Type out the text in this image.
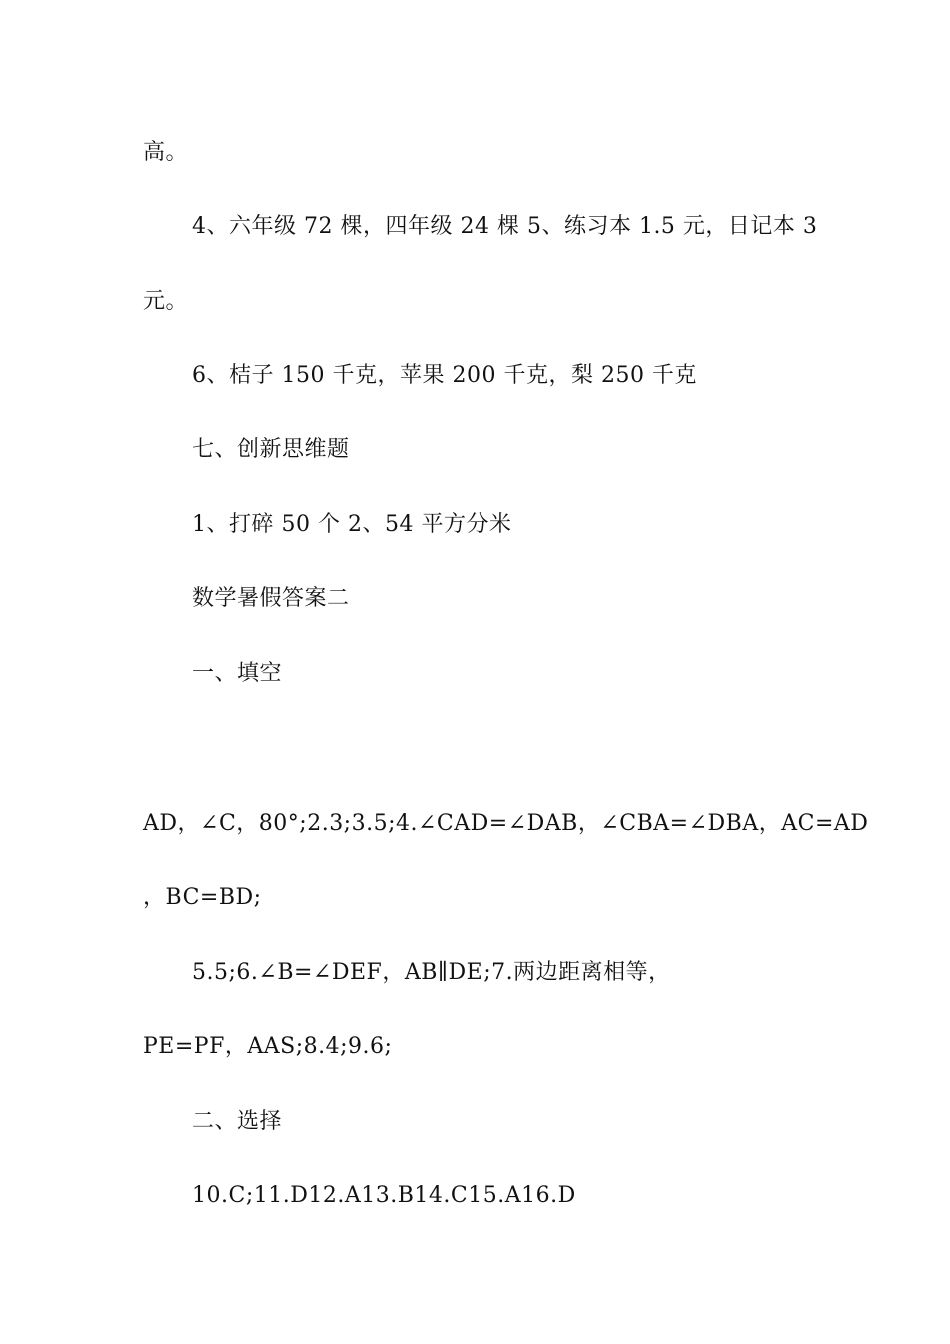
高。
4、六年级 72 棵，四年级 24 棵 5、练习本 1.5 元，日记本 3
元。
6、桔子 150 千克，苹果 200 千克，梨 250 千克
七、创新思维题
1、打碎 50 个 2、54 平方分米
数学暑假答案二
一、填空
AD，∠C，80°;2.3;3.5;4.∠CAD=∠DAB，∠CBA=∠DBA，AC=AD
，BC=BD;
5.5;6.∠B=∠DEF，AB∥DE;7.两边距离相等，
PE=PF，AAS;8.4;9.6;
二、选择
10.C;11.D12.A13.B14.C15.A16.D
